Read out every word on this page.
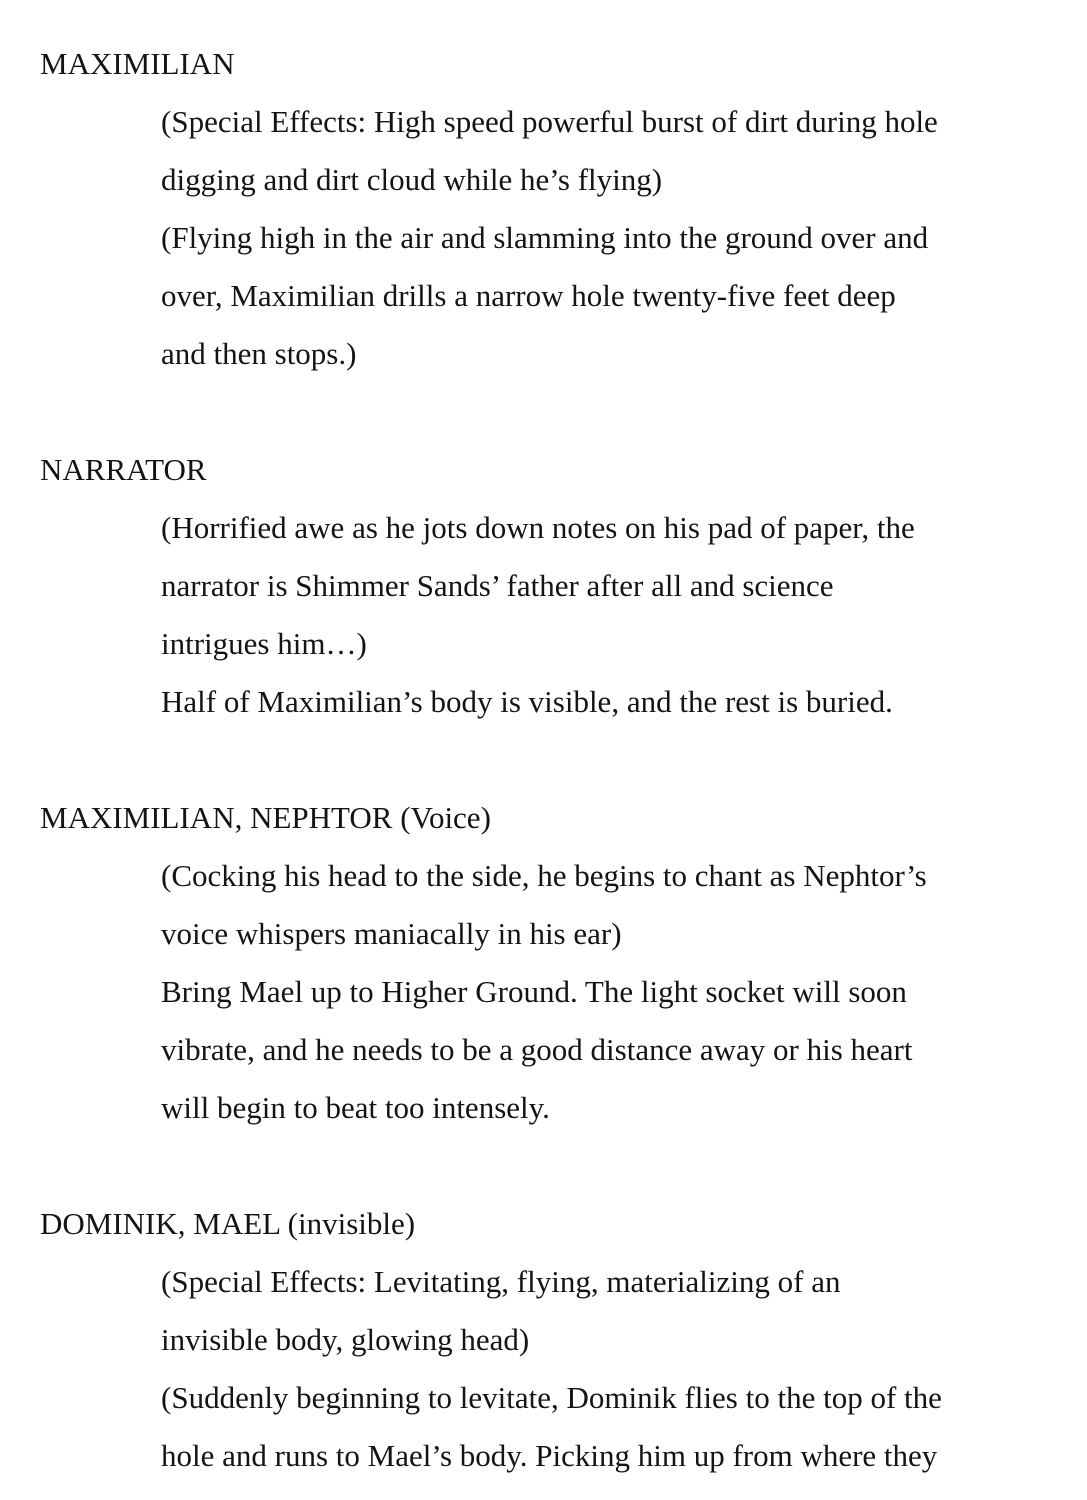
MAXIMILIAN
(Special Effects: High speed powerful burst of dirt during hole
digging and dirt cloud while he’s flying)
(Flying high in the air and slamming into the ground over and
over, Maximilian drills a narrow hole twenty-five feet deep
and then stops.)
NARRATOR
(Horrified awe as he jots down notes on his pad of paper, the
narrator is Shimmer Sands’ father after all and science
intrigues him…)
Half of Maximilian’s body is visible, and the rest is buried.
MAXIMILIAN, NEPHTOR (Voice)
(Cocking his head to the side, he begins to chant as Nephtor’s
voice whispers maniacally in his ear)
Bring Mael up to Higher Ground. The light socket will soon
vibrate, and he needs to be a good distance away or his heart
will begin to beat too intensely.
DOMINIK, MAEL (invisible)
(Special Effects: Levitating, flying, materializing of an
invisible body, glowing head)
(Suddenly beginning to levitate, Dominik flies to the top of the
hole and runs to Mael’s body. Picking him up from where they
